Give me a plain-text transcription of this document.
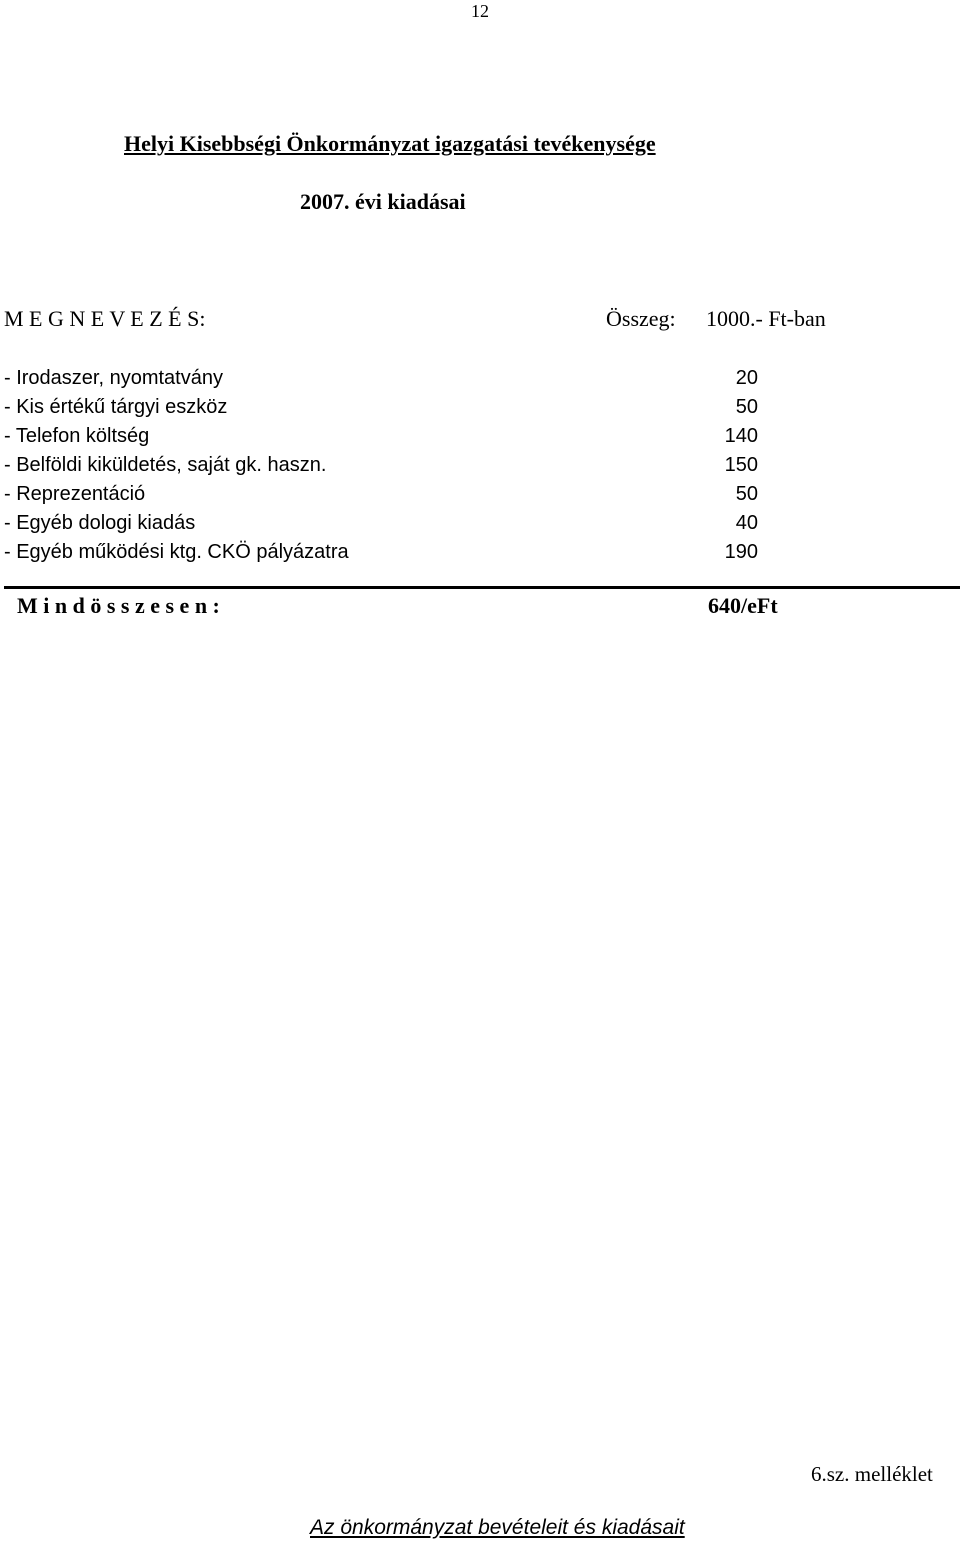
12
Helyi Kisebbségi Önkormányzat igazgatási tevékenysége
2007. évi kiadásai
M E G N E V E Z É S:	Összeg: 1000.- Ft-ban
- Irodaszer, nyomtatvány	20
- Kis értékű tárgyi eszköz	50
- Telefon költség	140
- Belföldi kiküldetés, saját gk. haszn.	150
- Reprezentáció	50
- Egyéb dologi kiadás	40
- Egyéb működési ktg. CKÖ pályázatra	190
M i n d ö s s z e s e n :	640/eFt
6.sz. melléklet
Az önkormányzat bevételeit és kiadásait
